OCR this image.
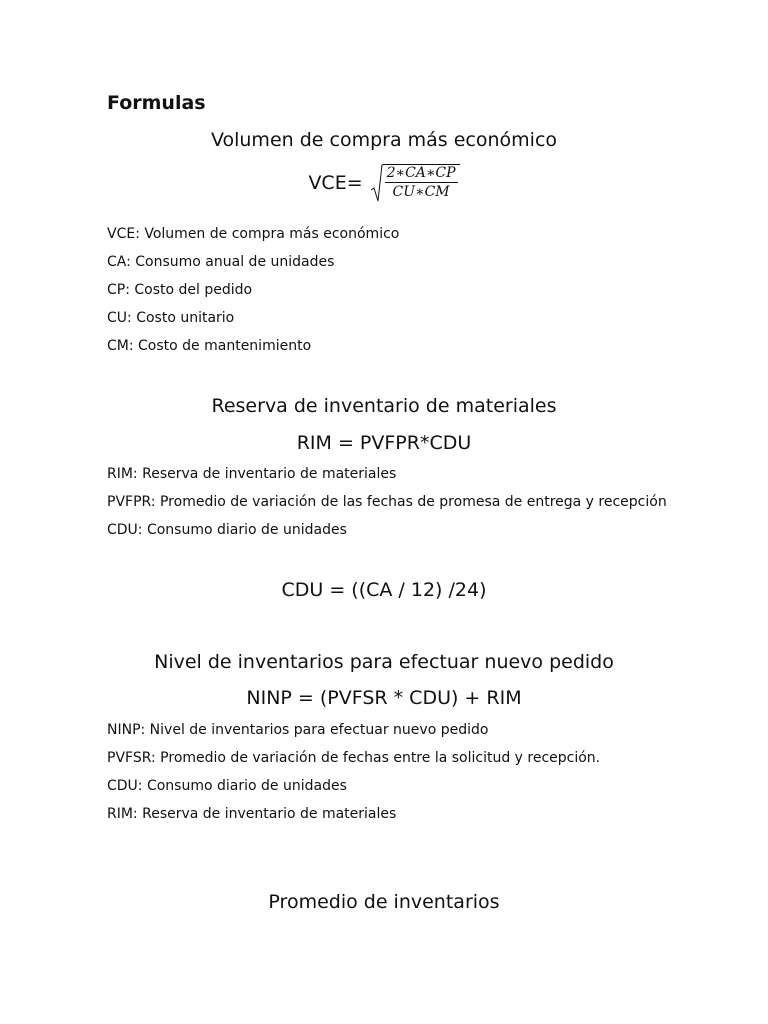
Formulas
Volumen de compra más económico
$VCE= \frac{2∗CA∗CP}{CU∗CM}$
VCE: Volumen de compra más económico
CA: Consumo anual de unidades
CP: Costo del pedido
CU: Costo unitario
CM: Costo de mantenimiento
Reserva de inventario de materiales
RIM = PVFPR*CDU
RIM: Reserva de inventario de materiales
PVFPR: Promedio de variación de las fechas de promesa de entrega y recepción
CDU: Consumo diario de unidades
CDU = ((CA / 12) /24)
Nivel de inventarios para efectuar nuevo pedido
NINP = (PVFSR * CDU) + RIM
NINP: Nivel de inventarios para efectuar nuevo pedido
PVFSR: Promedio de variación de fechas entre la solicitud y recepción.
CDU: Consumo diario de unidades
RIM: Reserva de inventario de materiales
Promedio de inventarios
